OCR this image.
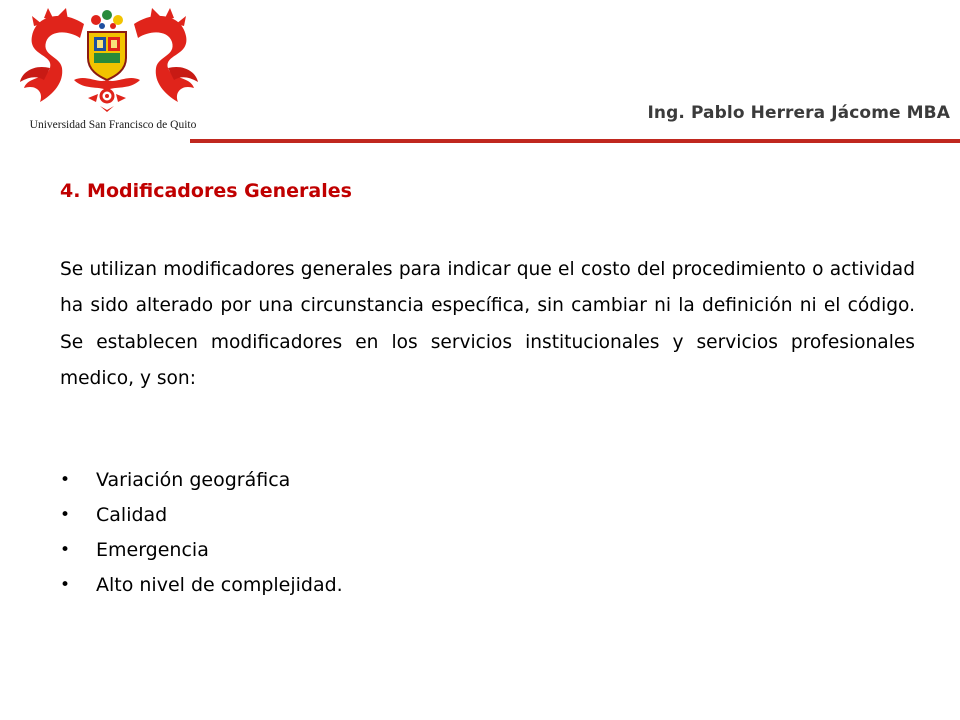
Universidad San Francisco de Quito
Ing. Pablo Herrera Jácome MBA
4. Modificadores Generales
Se utilizan modificadores generales para indicar que el costo del procedimiento o actividad ha sido alterado por una circunstancia específica, sin cambiar ni la definición ni el código. Se establecen modificadores en los servicios institucionales y servicios profesionales medico, y son:
• Variación geográfica
• Calidad
• Emergencia
• Alto nivel de complejidad.
